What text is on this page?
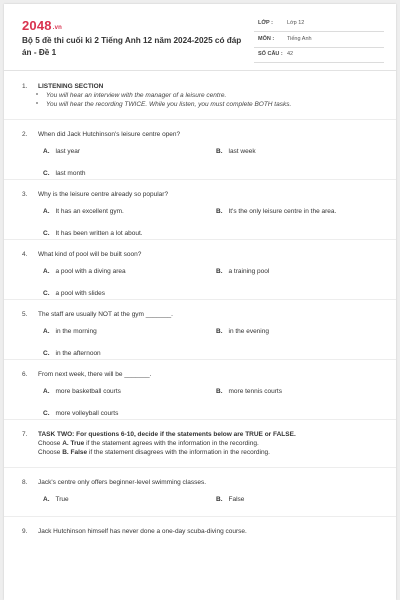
2048.vn
Bộ 5 đề thi cuối kì 2 Tiếng Anh 12 năm 2024-2025 có đáp án - Đề 1
LỚP :	Lớp 12
MÔN : Tiếng Anh
SỐ CÂU : 42
1. LISTENING SECTION
You will hear an interview with the manager of a leisure centre.
You will hear the recording TWICE. While you listen, you must complete BOTH tasks.
2. When did Jack Hutchinson's leisure centre open?
A. last year	B. last week
C. last month
3. Why is the leisure centre already so popular?
A. It has an excellent gym.	B. It's the only leisure centre in the area.
C. It has been written a lot about.
4. What kind of pool will be built soon?
A. a pool with a diving area	B. a training pool
C. a pool with slides
5. The staff are usually NOT at the gym _______.
A. in the morning	B. in the evening
C. in the afternoon
6. From next week, there will be _______.
A. more basketball courts	B. more tennis courts
C. more volleyball courts
7. TASK TWO: For questions 6-10, decide if the statements below are TRUE or FALSE.
Choose A. True if the statement agrees with the information in the recording.
Choose B. False if the statement disagrees with the information in the recording.
8. Jack's centre only offers beginner-level swimming classes.
A. True	B. False
9. Jack Hutchinson himself has never done a one-day scuba-diving course.
